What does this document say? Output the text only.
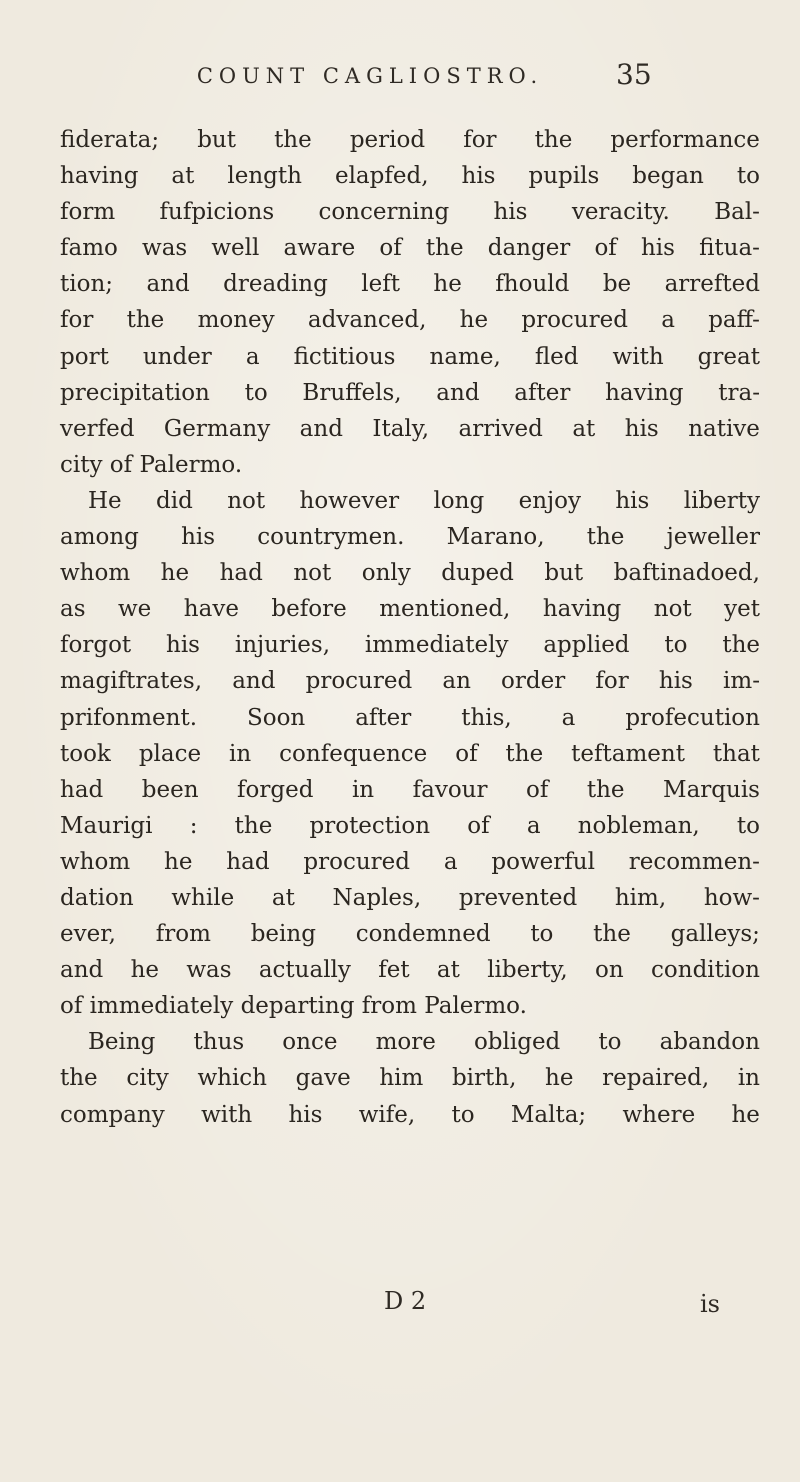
COUNT CAGLIOSTRO.	35
fiderata; but the period for the performance
having at length elapfed, his pupils began to
form fufpicions concerning his veracity. Bal-
famo was well aware of the danger of his fitua-
tion; and dreading left he fhould be arrefted
for the money advanced, he procured a paff-
port under a fictitious name, fled with great
precipitation to Bruffels, and after having tra-
verfed Germany and Italy, arrived at his native
city of Palermo.
He did not however long enjoy his liberty
among his countrymen. Marano, the jeweller
whom he had not only duped but baftinadoed,
as we have before mentioned, having not yet
forgot his injuries, immediately applied to the
magiftrates, and procured an order for his im-
prifonment. Soon after this, a profecution
took place in confequence of the teftament that
had been forged in favour of the Marquis
Maurigi : the protection of a nobleman, to
whom he had procured a powerful recommen-
dation while at Naples, prevented him, how-
ever, from being condemned to the galleys;
and he was actually fet at liberty, on condition
of immediately departing from Palermo.
Being thus once more obliged to abandon
the city which gave him birth, he repaired, in
company with his wife, to Malta; where he
D 2	is
